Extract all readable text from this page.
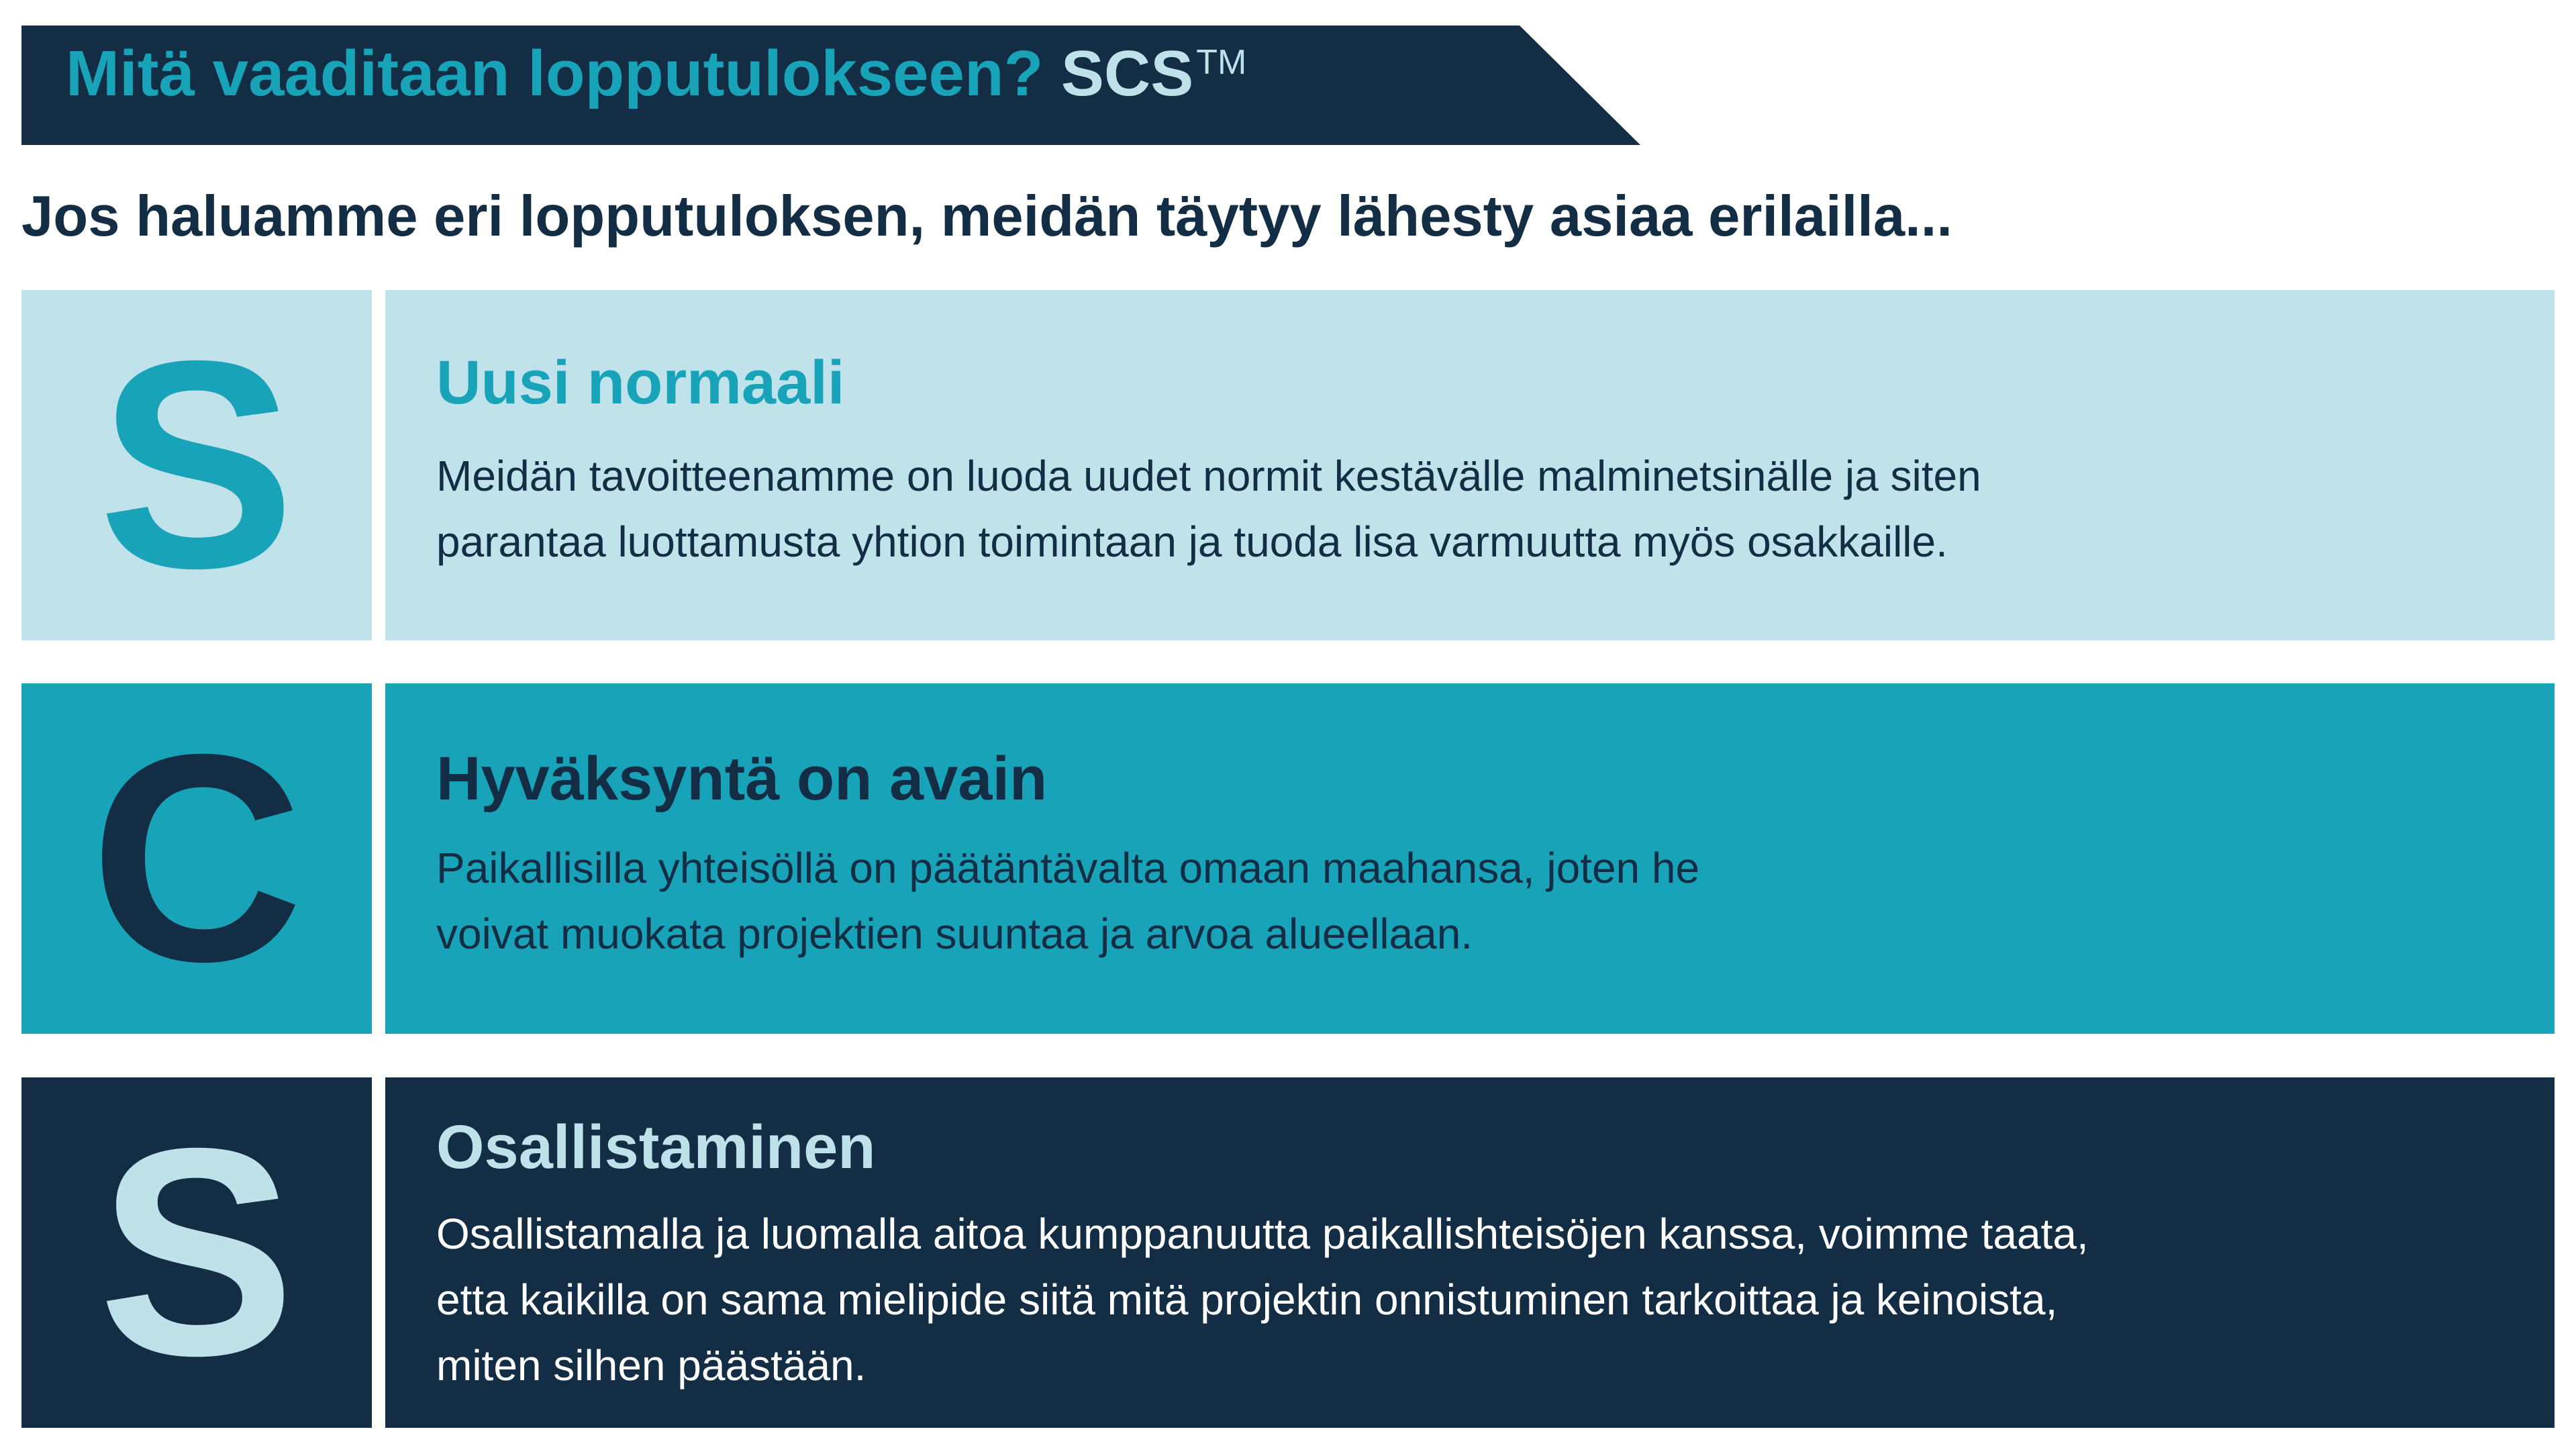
Mitä vaaditaan lopputulokseen? SCS™
Jos haluamme eri lopputuloksen, meidän täytyy lähesty asiaa erilailla...
S Uusi normaali
Meidän tavoitteenamme on luoda uudet normit kestävälle malminetsinälle ja siten
parantaa luottamusta yhtion toimintaan ja tuoda lisa varmuutta myös osakkaille.
C Hyväksyntä on avain
Paikallisilla yhteisöllä on päätäntävalta omaan maahansa, joten he
voivat muokata projektien suuntaa ja arvoa alueellaan.
S Osallistaminen
Osallistamalla ja luomalla aitoa kumppanuutta paikallishteisöjen kanssa, voimme taata,
etta kaikilla on sama mielipide siitä mitä projektin onnistuminen tarkoittaa ja keinoista,
miten silhen päästään.
